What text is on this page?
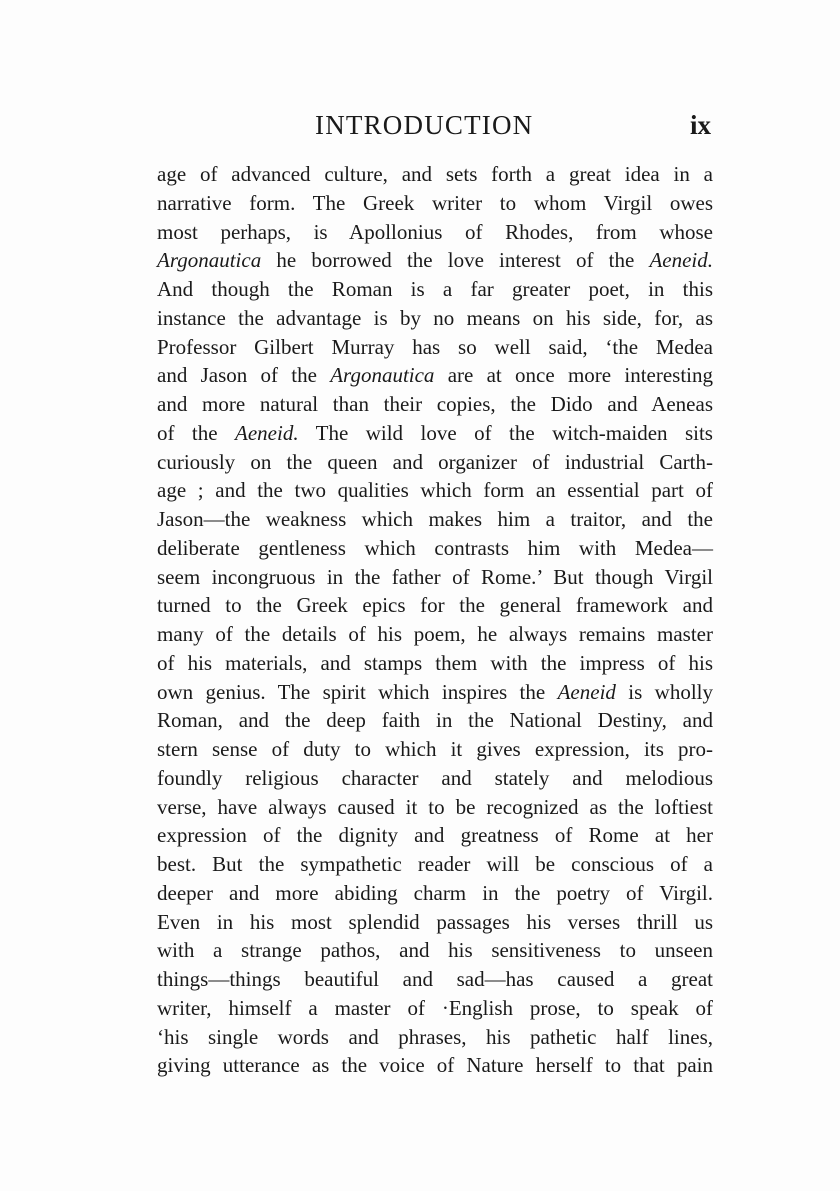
INTRODUCTION	ix
age of advanced culture, and sets forth a great idea in a
narrative form. The Greek writer to whom Virgil owes
most perhaps, is Apollonius of Rhodes, from whose
Argonautica he borrowed the love interest of the Aeneid.
And though the Roman is a far greater poet, in this
instance the advantage is by no means on his side, for, as
Professor Gilbert Murray has so well said, ‘the Medea
and Jason of the Argonautica are at once more interesting
and more natural than their copies, the Dido and Aeneas
of the Aeneid. The wild love of the witch-maiden sits
curiously on the queen and organizer of industrial Carth-
age ; and the two qualities which form an essential part of
Jason—the weakness which makes him a traitor, and the
deliberate gentleness which contrasts him with Medea—
seem incongruous in the father of Rome.’ But though Virgil
turned to the Greek epics for the general framework and
many of the details of his poem, he always remains master
of his materials, and stamps them with the impress of his
own genius. The spirit which inspires the Aeneid is wholly
Roman, and the deep faith in the National Destiny, and
stern sense of duty to which it gives expression, its pro-
foundly religious character and stately and melodious
verse, have always caused it to be recognized as the loftiest
expression of the dignity and greatness of Rome at her
best. But the sympathetic reader will be conscious of a
deeper and more abiding charm in the poetry of Virgil.
Even in his most splendid passages his verses thrill us
with a strange pathos, and his sensitiveness to unseen
things—things beautiful and sad—has caused a great
writer, himself a master of ·English prose, to speak of
‘his single words and phrases, his pathetic half lines,
giving utterance as the voice of Nature herself to that pain
